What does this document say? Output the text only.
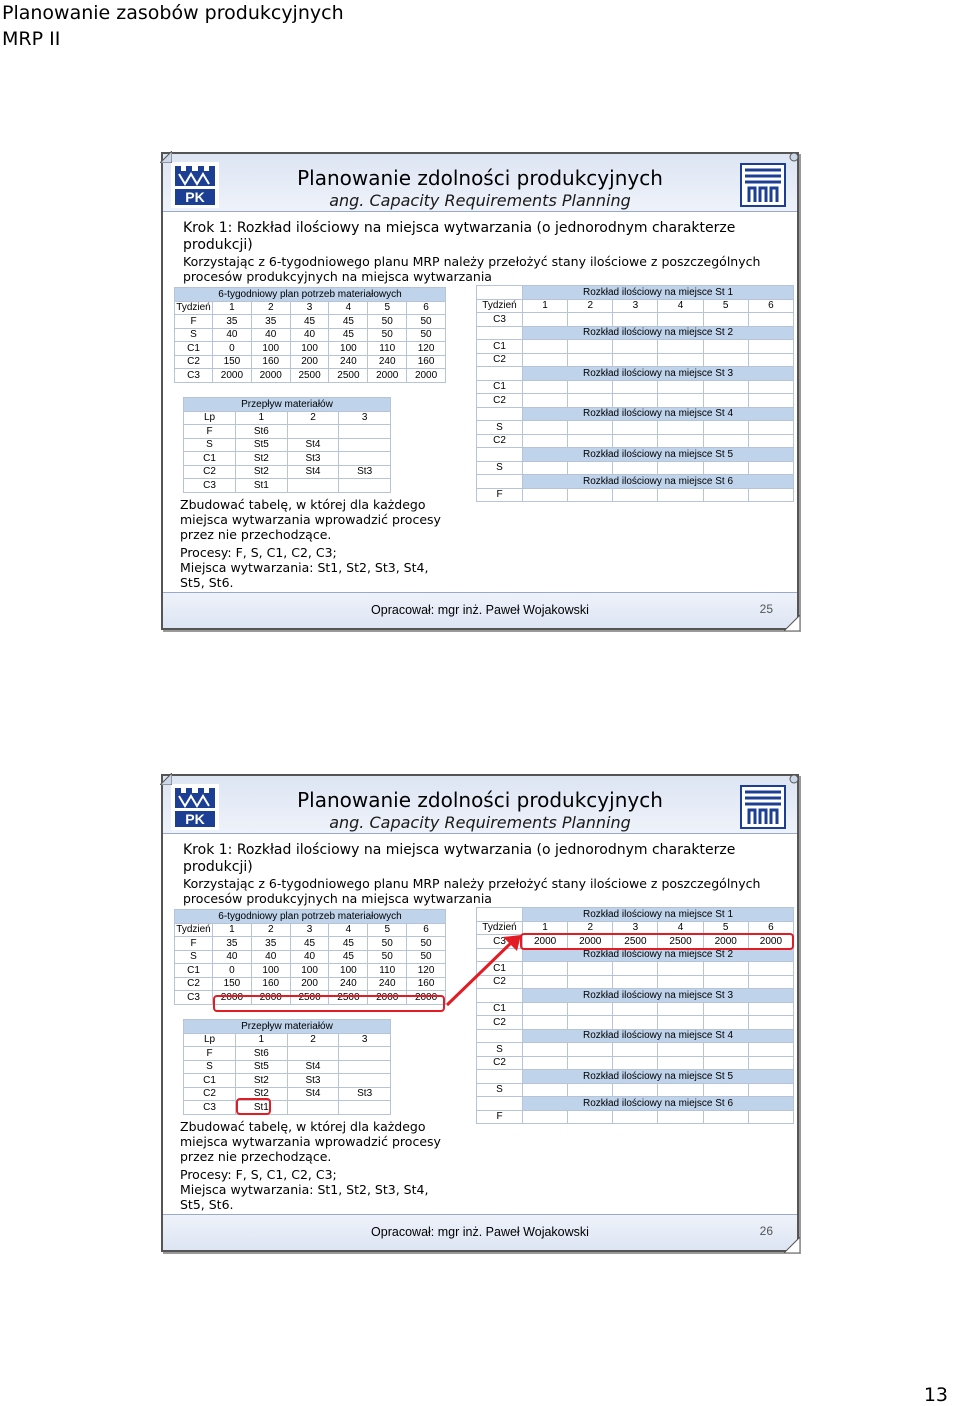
Planowanie zasobów produkcyjnych
MRP II
PK
Planowanie zdolności produkcyjnych
ang. Capacity Requirements Planning
Krok 1: Rozkład ilościowy na miejsca wytwarzania (o jednorodnym charakterze produkcji)
Korzystając z 6-tygodniowego planu MRP należy przełożyć stany ilościowe z poszczególnych procesów produkcyjnych na miejsca wytwarzania
6-tygodniowy plan potrzeb materiałowych						
Tydzień	1	2	3	4	5	6
F	35	35	45	45	50	50
S	40	40	40	45	50	50
C1	0	100	100	100	110	120
C2	150	160	200	240	240	160
C3	2000	2000	2500	2500	2000	2000
Przepływ materiałów			
Lp	1	2	3
F	St6		
S	St5	St4	
C1	St2	St3	
C2	St2	St4	St3
C3	St1		
	Rozkład ilościowy na miejsce St 1					
Tydzień	1	2	3	4	5	6
C3						
	Rozkład ilościowy na miejsce St 2					
C1						
C2						
	Rozkład ilościowy na miejsce St 3					
C1						
C2						
	Rozkład ilościowy na miejsce St 4					
S						
C2						
	Rozkład ilościowy na miejsce St 5					
S						
	Rozkład ilościowy na miejsce St 6					
F						
Zbudować tabelę, w której dla każdego miejsca wytwarzania wprowadzić procesy przez nie przechodzące.
Procesy: F, S, C1, C2, C3;
Miejsca wytwarzania: St1, St2, St3, St4, St5, St6.
Opracował: mgr inż. Paweł Wojakowski	25
PK
Planowanie zdolności produkcyjnych
ang. Capacity Requirements Planning
Krok 1: Rozkład ilościowy na miejsca wytwarzania (o jednorodnym charakterze produkcji)
Korzystając z 6-tygodniowego planu MRP należy przełożyć stany ilościowe z poszczególnych procesów produkcyjnych na miejsca wytwarzania
6-tygodniowy plan potrzeb materiałowych						
Tydzień	1	2	3	4	5	6
F	35	35	45	45	50	50
S	40	40	40	45	50	50
C1	0	100	100	100	110	120
C2	150	160	200	240	240	160
C3	2000	2000	2500	2500	2000	2000
Przepływ materiałów			
Lp	1	2	3
F	St6		
S	St5	St4	
C1	St2	St3	
C2	St2	St4	St3
C3	St1		
	Rozkład ilościowy na miejsce St 1					
Tydzień	1	2	3	4	5	6
C3	2000	2000	2500	2500	2000	2000
	Rozkład ilościowy na miejsce St 2					
C1						
C2						
	Rozkład ilościowy na miejsce St 3					
C1						
C2						
	Rozkład ilościowy na miejsce St 4					
S						
C2						
	Rozkład ilościowy na miejsce St 5					
S						
	Rozkład ilościowy na miejsce St 6					
F						
Zbudować tabelę, w której dla każdego miejsca wytwarzania wprowadzić procesy przez nie przechodzące.
Procesy: F, S, C1, C2, C3;
Miejsca wytwarzania: St1, St2, St3, St4, St5, St6.
Opracował: mgr inż. Paweł Wojakowski	26
13
